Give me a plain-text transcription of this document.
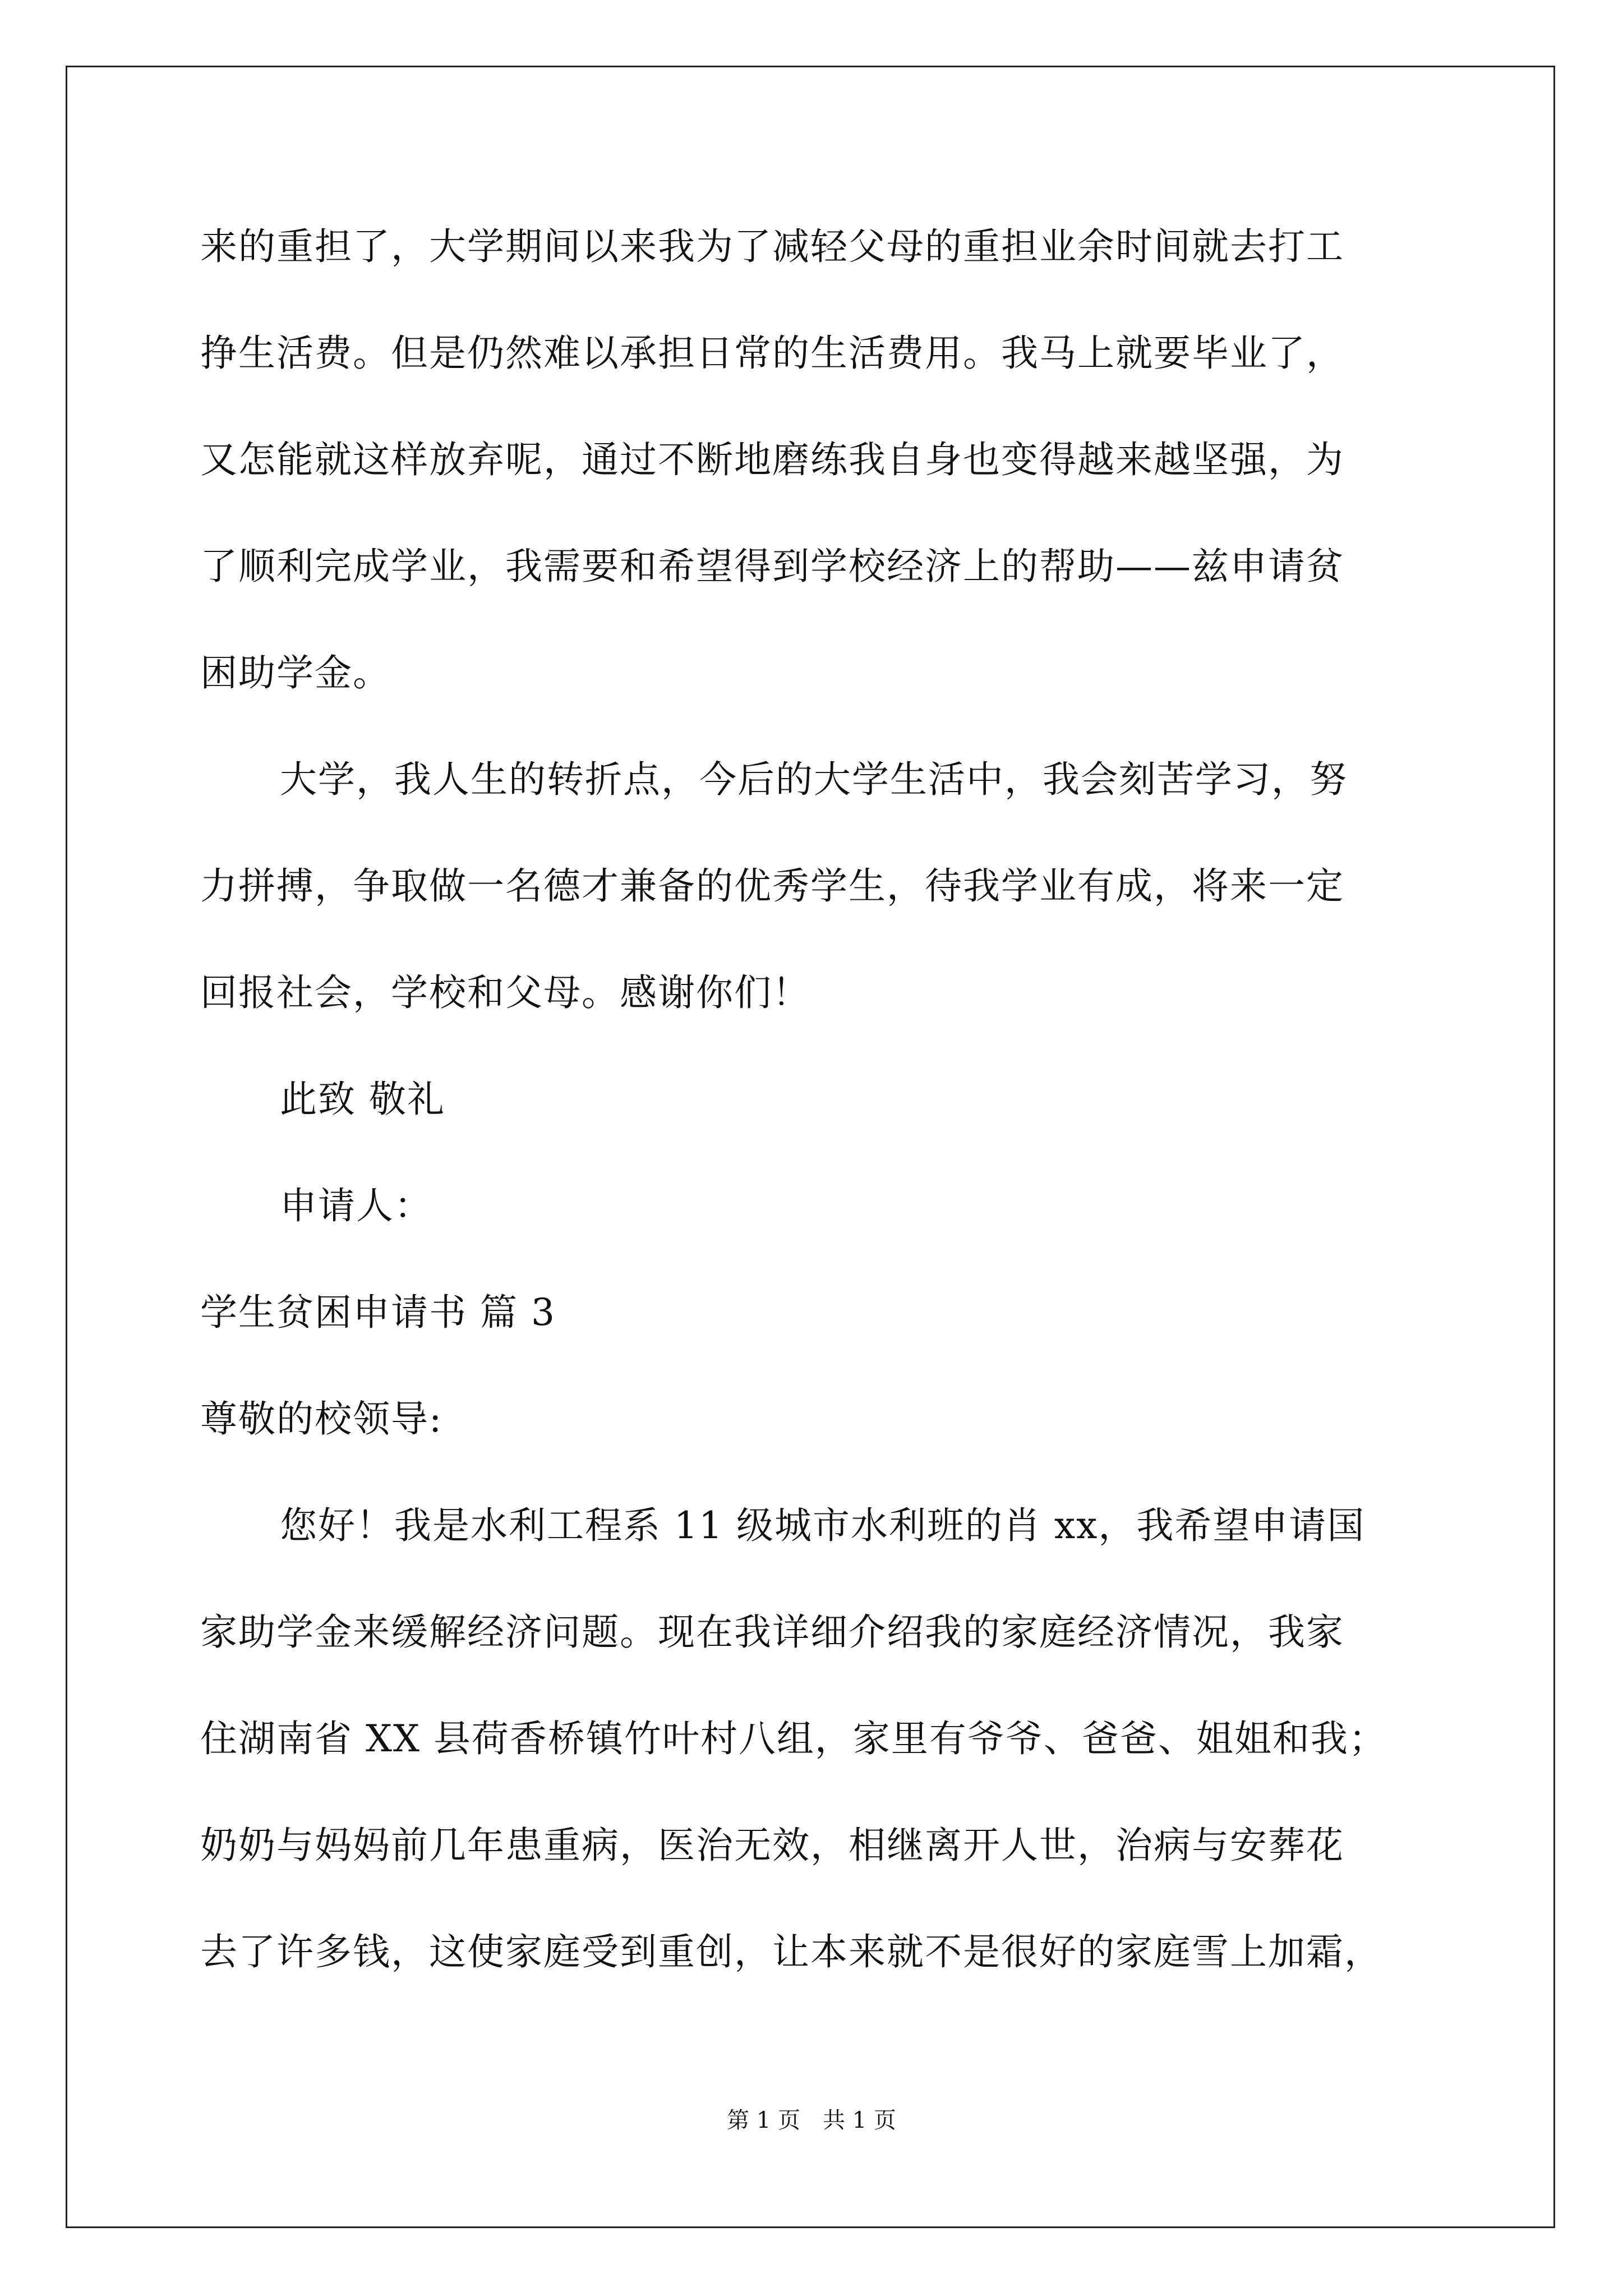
来的重担了，大学期间以来我为了减轻父母的重担业余时间就去打工
挣生活费。但是仍然难以承担日常的生活费用。我马上就要毕业了，
又怎能就这样放弃呢，通过不断地磨练我自身也变得越来越坚强，为
了顺利完成学业，我需要和希望得到学校经济上的帮助——兹申请贫
困助学金。
大学，我人生的转折点，今后的大学生活中，我会刻苦学习，努
力拼搏，争取做一名德才兼备的优秀学生，待我学业有成，将来一定
回报社会，学校和父母。感谢你们！
此致 敬礼
申请人：
学生贫困申请书 篇 3
尊敬的校领导:
您好！我是水利工程系 11 级城市水利班的肖 xx，我希望申请国
家助学金来缓解经济问题。现在我详细介绍我的家庭经济情况，我家
住湖南省 XX 县荷香桥镇竹叶村八组，家里有爷爷、爸爸、姐姐和我；
奶奶与妈妈前几年患重病，医治无效，相继离开人世，治病与安葬花
去了许多钱，这使家庭受到重创，让本来就不是很好的家庭雪上加霜，
第 1 页　共 1 页
